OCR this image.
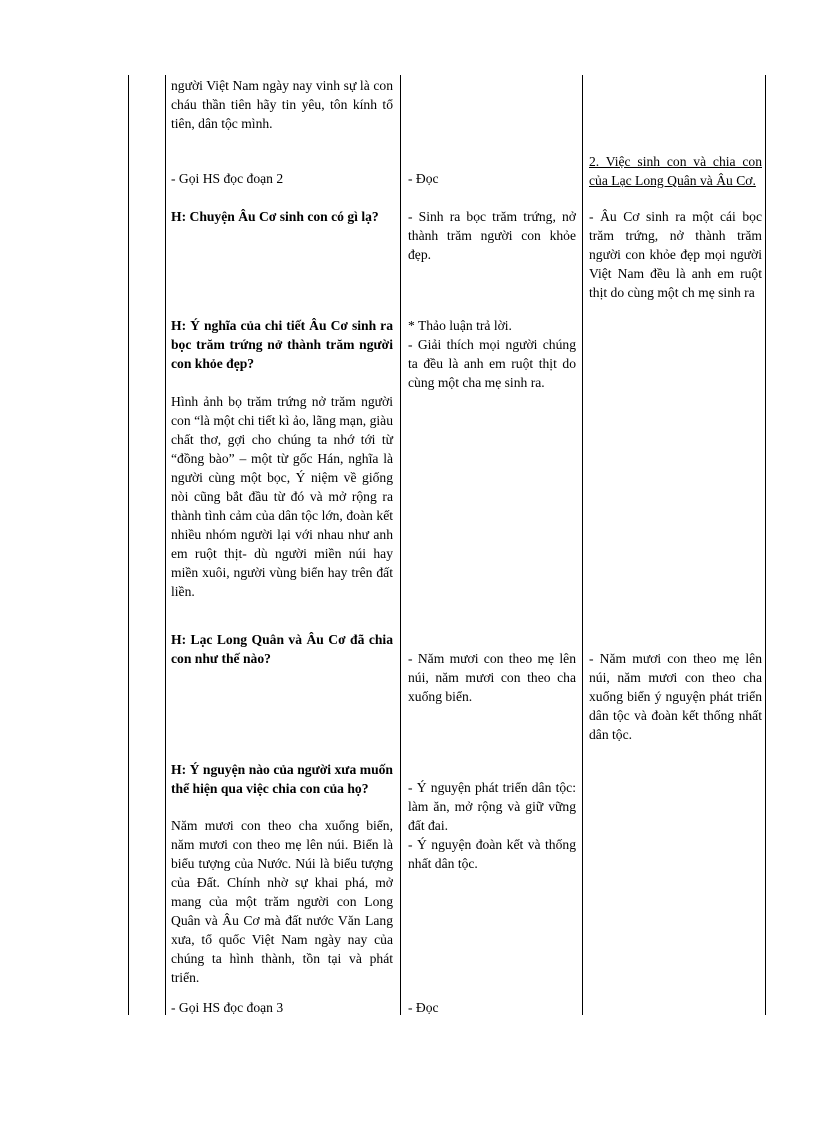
người Việt Nam ngày nay vinh sự là con cháu thần tiên hãy tin yêu, tôn kính tổ tiên, dân tộc mình.

- Gọi HS đọc đoạn 2

H: Chuyện Âu Cơ sinh con có gì lạ?

H: Ý nghĩa của chi tiết Âu Cơ sinh ra bọc trăm trứng nở thành trăm người con khỏe đẹp?

Hình ảnh bọ trăm trứng nở trăm người con “là một chi tiết kì ảo, lãng mạn, giàu chất thơ, gợi cho chúng ta nhớ tới từ “đồng bào” – một từ gốc Hán, nghĩa là người cùng một bọc, Ý niệm về giống nòi cũng bắt đầu từ đó và mở rộng ra thành tình cảm của dân tộc lớn, đoàn kết nhiều nhóm người lại với nhau như anh em ruột thịt- dù người miền núi hay miền xuôi, người vùng biển hay trên đất liền.

H: Lạc Long Quân và Âu Cơ đã chia con như thế nào?

H: Ý nguyện nào của người xưa muốn thể hiện qua việc chia con của họ?

Năm mươi con theo cha xuống biển, năm mươi con theo mẹ lên núi. Biển là biểu tượng của Nước. Núi là biểu tượng của Đất. Chính nhờ sự khai phá, mở mang của một trăm người con Long Quân và Âu Cơ mà đất nước Văn Lang xưa, tổ quốc Việt Nam ngày nay của chúng ta hình thành, tồn tại và phát triển.

- Gọi HS đọc đoạn 3

- Đọc

- Sinh ra bọc trăm trứng, nở thành trăm người con khỏe đẹp.

* Thảo luận trả lời.

- Giải thích mọi người chúng ta đều là anh em ruột thịt do cùng một cha mẹ sinh ra.

- Năm mươi con theo mẹ lên núi, năm mươi con theo cha xuống biển.

- Ý nguyện phát triển dân tộc: làm ăn, mở rộng và giữ vững đất đai.

- Ý nguyện đoàn kết và thống nhất dân tộc.

- Đọc

2. Việc sinh con và chia con của Lạc Long Quân và Âu Cơ.

- Âu Cơ sinh ra một cái bọc trăm trứng, nở thành trăm người con khỏe đẹp mọi người Việt Nam đều là anh em ruột thịt do cùng một ch mẹ sinh ra

- Năm mươi con theo mẹ lên núi, năm mươi con theo cha xuống biển ý nguyện phát triển dân tộc và đoàn kết thống nhất dân tộc.
